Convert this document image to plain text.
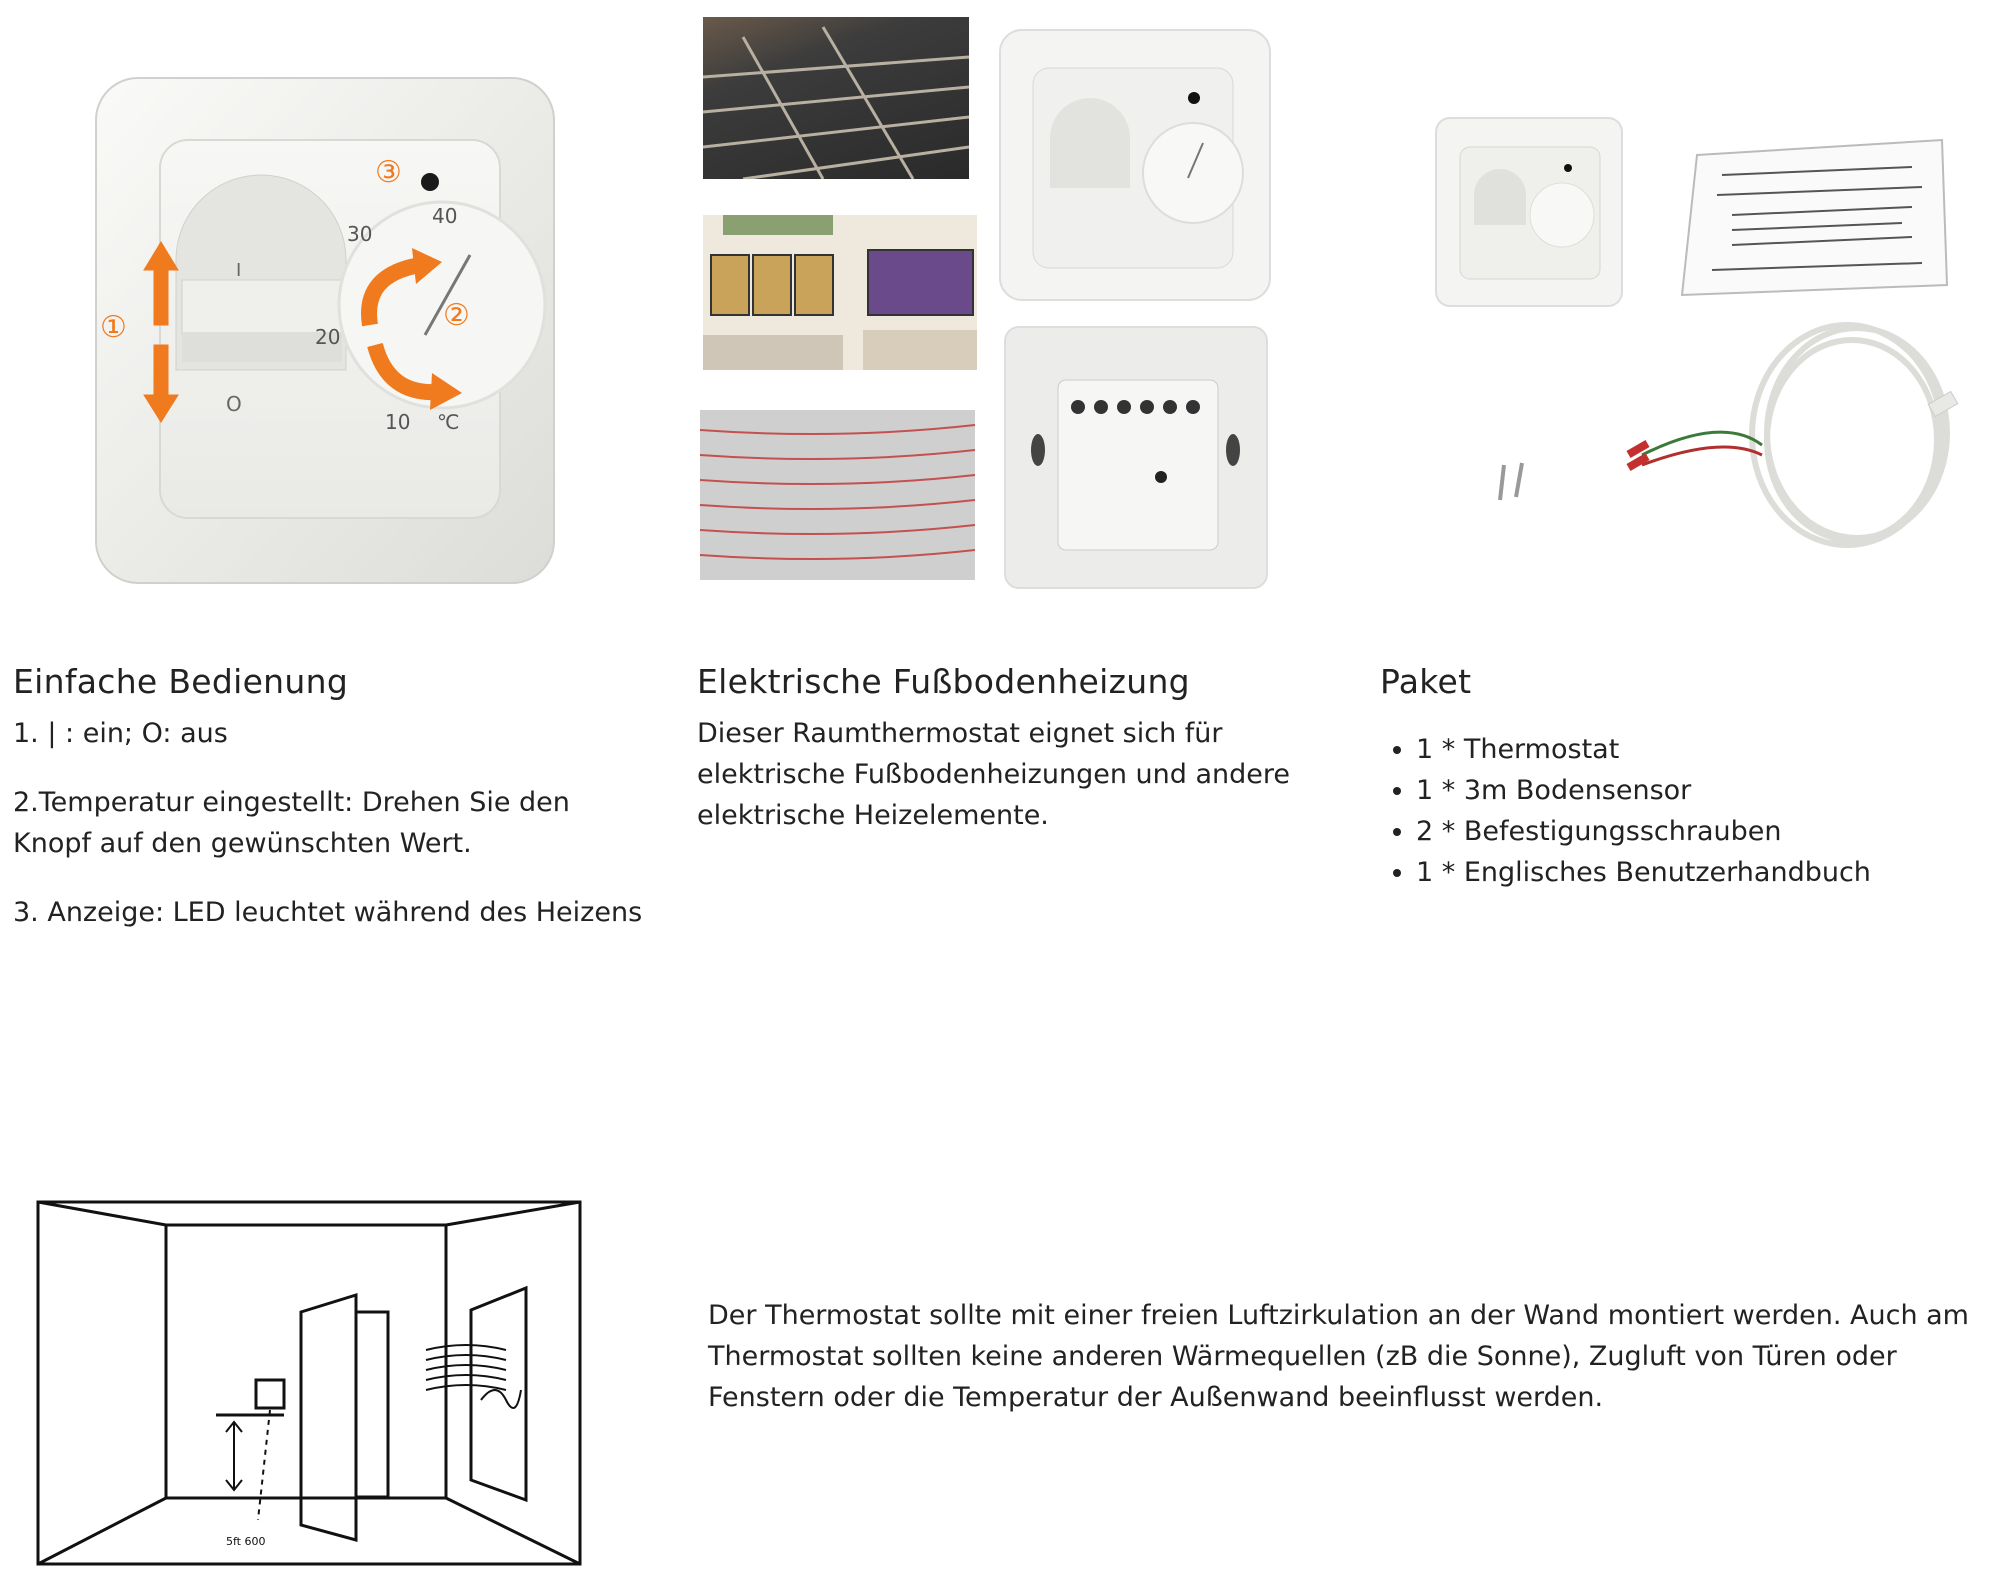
①	②
③
30
40
20
10 ℃
I
O
Einfache Bedienung

1. | : ein; O: aus

2.Temperatur eingestellt: Drehen Sie den Knopf auf den gewünschten Wert.

3. Anzeige: LED leuchtet während des Heizens

Elektrische Fußbodenheizung

Dieser Raumthermostat eignet sich für elektrische Fußbodenheizungen und andere elektrische Heizelemente.

Paket
• 1 * Thermostat
• 1 * 3m Bodensensor
• 2 * Befestigungsschrauben
• 1 * Englisches Benutzerhandbuch
5ft 600
Der Thermostat sollte mit einer freien Luftzirkulation an der Wand montiert werden. Auch am Thermostat sollten keine anderen Wärmequellen (zB die Sonne), Zugluft von Türen oder Fenstern oder die Temperatur der Außenwand beeinflusst werden.
